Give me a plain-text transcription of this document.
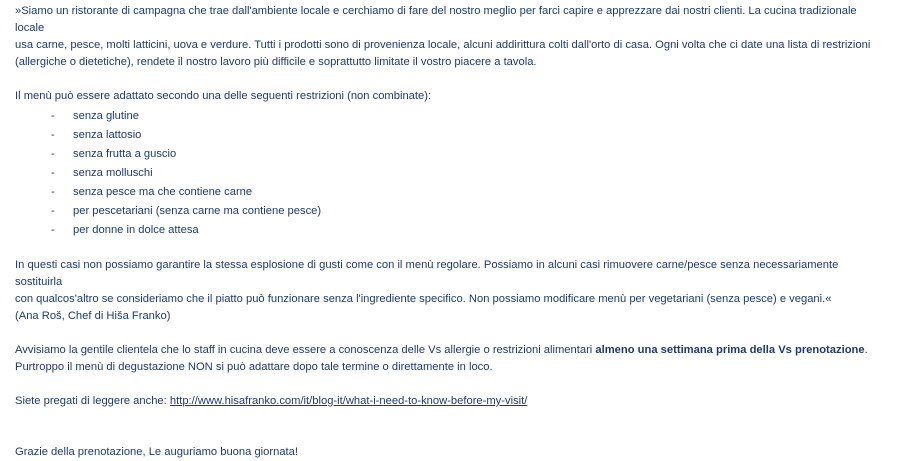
»Siamo un ristorante di campagna che trae dall'ambiente locale e cerchiamo di fare del nostro meglio per farci capire e apprezzare dai nostri clienti. La cucina tradizionale locale
usa carne, pesce, molti latticini, uova e verdure. Tutti i prodotti sono di provenienza locale, alcuni addirittura colti dall'orto di casa. Ogni volta che ci date una lista di restrizioni
(allergiche o dietetiche), rendete il nostro lavoro più difficile e soprattutto limitate il vostro piacere a tavola.

Il menù può essere adattato secondo una delle seguenti restrizioni (non combinate):

-	senza glutine
-	senza lattosio
-	senza frutta a guscio
-	senza molluschi
-	senza pesce ma che contiene carne
-	per pescetariani (senza carne ma contiene pesce)
-	per donne in dolce attesa

In questi casi non possiamo garantire la stessa esplosione di gusti come con il menù regolare. Possiamo in alcuni casi rimuovere carne/pesce senza necessariamente sostituirla
con qualcos'altro se consideriamo che il piatto può funzionare senza l'ingrediente specifico. Non possiamo modificare menù per vegetariani (senza pesce) e vegani.«
(Ana Roš, Chef di Hiša Franko)

Avvisiamo la gentile clientela che lo staff in cucina deve essere a conoscenza delle Vs allergie o restrizioni alimentari almeno una settimana prima della Vs prenotazione.
Purtroppo il menù di degustazione NON si può adattare dopo tale termine o direttamente in loco.

Siete pregati di leggere anche: http://www.hisafranko.com/it/blog-it/what-i-need-to-know-before-my-visit/

Grazie della prenotazione, Le auguriamo buona giornata!
